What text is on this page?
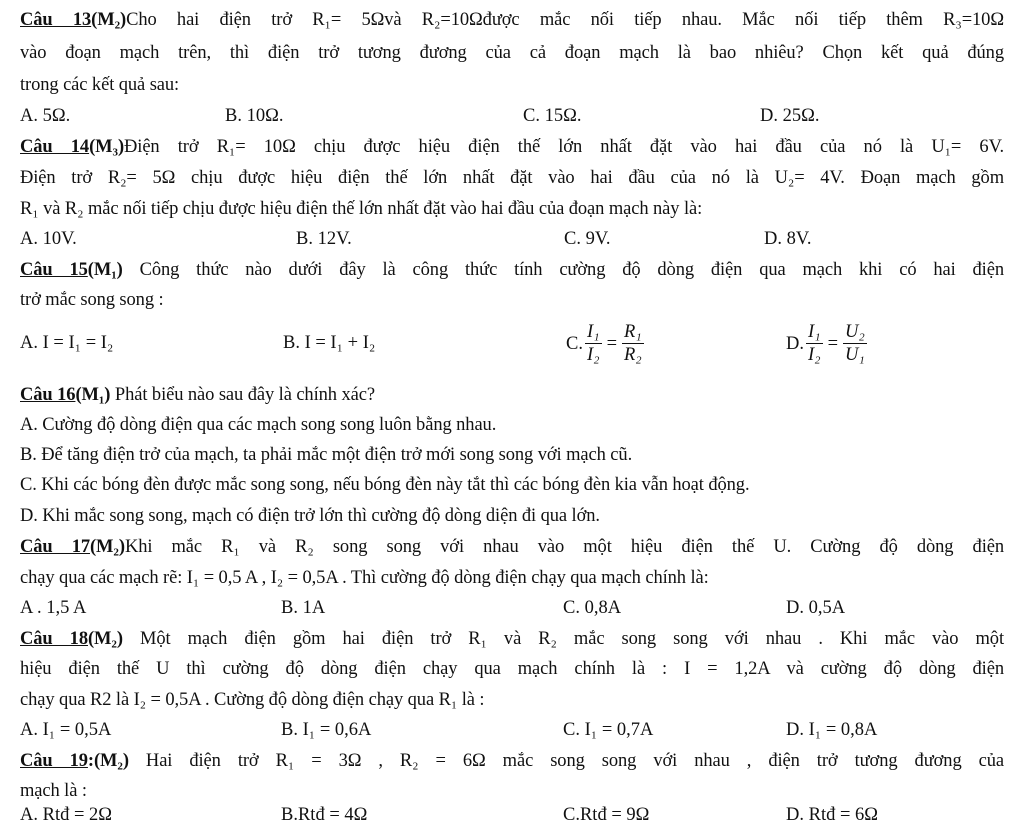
Câu 13(M₂)Cho hai điện trở R₁= 5Ωvà R₂=10Ωđược mắc nối tiếp nhau. Mắc nối tiếp thêm R₃=10Ω
vào đoạn mạch trên, thì điện trở tương đương của cả đoạn mạch là bao nhiêu? Chọn kết quả đúng
trong các kết quả sau:
A. 5Ω.	B. 10Ω.	C. 15Ω.	D. 25Ω.
Câu 14(M₃)Điện trở R₁= 10Ω chịu được hiệu điện thế lớn nhất đặt vào hai đầu của nó là U₁= 6V.
Điện trở R₂= 5Ω chịu được hiệu điện thế lớn nhất đặt vào hai đầu của nó là U₂= 4V. Đoạn mạch gồm
R₁ và R₂ mắc nối tiếp chịu được hiệu điện thế lớn nhất đặt vào hai đầu của đoạn mạch này là:
A. 10V.	B. 12V.	C. 9V.	D. 8V.
Câu 15(M₁) Công thức nào dưới đây là công thức tính cường độ dòng điện qua mạch khi có hai điện
trở mắc song song :
A. I = I₁ = I₂	B. I = I₁ + I₂	C. $\frac{\text{I₁}}{\text{I₂}} = \frac{\text{R₁}}{\text{R₂}}$	D. $\frac{\text{I₁}}{\text{I₂}} = \frac{\text{U₂}}{\text{U₁}}$
Câu 16(M₁) Phát biểu nào sau đây là chính xác?
A. Cường độ dòng điện qua các mạch song song luôn bằng nhau.
B. Để tăng điện trở của mạch, ta phải mắc một điện trở mới song song với mạch cũ.
C. Khi các bóng đèn được mắc song song, nếu bóng đèn này tắt thì các bóng đèn kia vẫn hoạt động.
D. Khi mắc song song, mạch có điện trở lớn thì cường độ dòng diện đi qua lớn.
Câu 17(M₂)Khi mắc R₁ và R₂ song song với nhau vào một hiệu điện thế U. Cường độ dòng điện
chạy qua các mạch rẽ: I₁ = 0,5 A , I₂ = 0,5A . Thì cường độ dòng điện chạy qua mạch chính là:
A . 1,5 A	B. 1A	C. 0,8A	D. 0,5A
Câu 18(M₂) Một mạch điện gồm hai điện trở R₁ và R₂ mắc song song với nhau . Khi mắc vào một
hiệu điện thế U thì cường độ dòng điện chạy qua mạch chính là : I = 1,2A và cường độ dòng điện
chạy qua R2 là I₂ = 0,5A . Cường độ dòng điện chạy qua R₁ là :
A. I₁ = 0,5A	B. I₁ = 0,6A	C. I₁ = 0,7A	D. I₁ = 0,8A
Câu 19:(M₂) Hai điện trở R₁ = 3Ω , R₂ = 6Ω mắc song song với nhau , điện trở tương đương của
mạch là :
A. Rtđ = 2Ω	B.Rtđ = 4Ω	C.Rtđ = 9Ω	D. Rtđ = 6Ω
